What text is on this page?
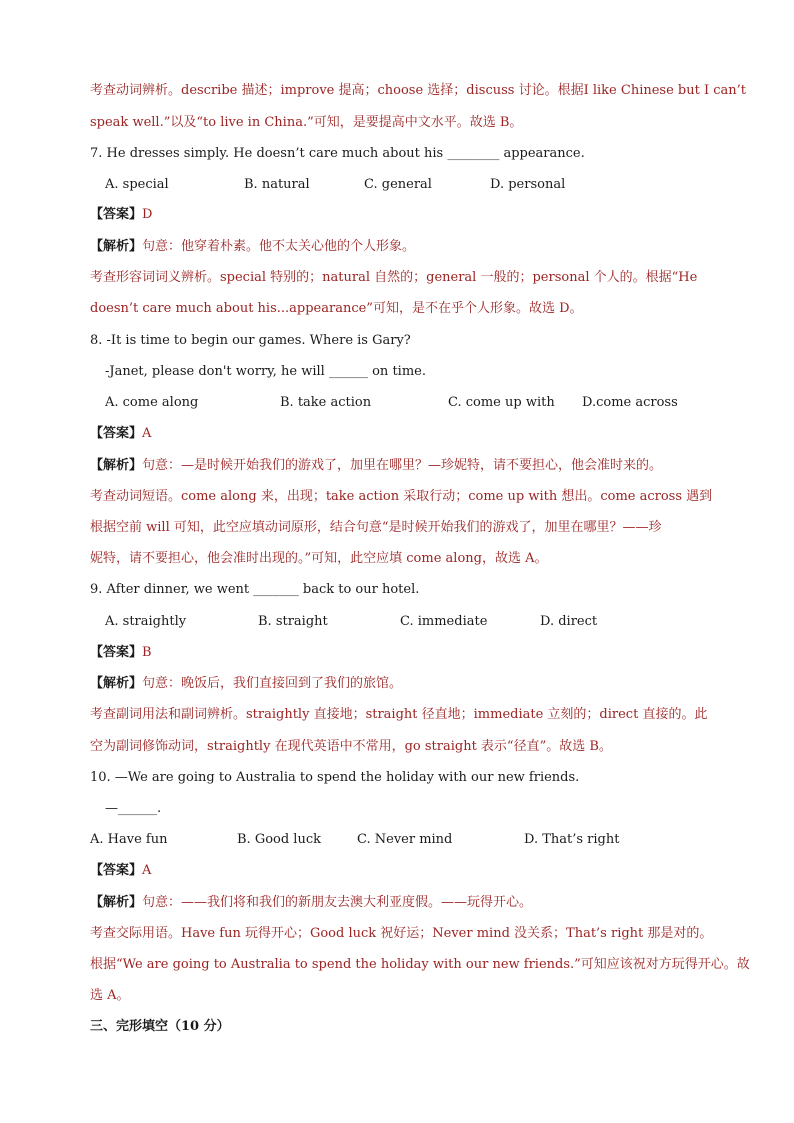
考查动词辨析。describe 描述；improve 提高；choose 选择；discuss 讨论。根据I like Chinese but I can’t
speak well.”以及“to live in China.”可知，是要提高中文水平。故选 B。
7. He dresses simply. He doesn’t care much about his ________ appearance.
A. special	B. natural	C. general	D. personal
【答案】D
【解析】句意：他穿着朴素。他不太关心他的个人形象。
考查形容词词义辨析。special 特别的；natural 自然的；general 一般的；personal 个人的。根据“He
doesn’t care much about his...appearance”可知，是不在乎个人形象。故选 D。
8. -It is time to begin our games. Where is Gary?
-Janet, please don't worry, he will ______ on time.
A. come along	B. take action	C. come up with D.come across
【答案】A
【解析】句意：—是时候开始我们的游戏了，加里在哪里？—珍妮特，请不要担心，他会准时来的。
考查动词短语。come along 来，出现；take action 采取行动；come up with 想出。come across 遇到
根据空前 will 可知，此空应填动词原形，结合句意“是时候开始我们的游戏了，加里在哪里？——珍
妮特，请不要担心，他会准时出现的。”可知，此空应填 come along，故选 A。
9. After dinner, we went _______ back to our hotel.
A. straightly	B. straight	C. immediate	D. direct
【答案】B
【解析】句意：晚饭后，我们直接回到了我们的旅馆。
考查副词用法和副词辨析。straightly 直接地；straight 径直地；immediate 立刻的；direct 直接的。此
空为副词修饰动词，straightly 在现代英语中不常用，go straight 表示“径直”。故选 B。
10. —We are going to Australia to spend the holiday with our new friends.
—______.
A. Have fun	B. Good luck	C. Never mind	D. That’s right
【答案】A
【解析】句意：——我们将和我们的新朋友去澳大利亚度假。——玩得开心。
考查交际用语。Have fun 玩得开心；Good luck 祝好运；Never mind 没关系；That’s right 那是对的。
根据“We are going to Australia to spend the holiday with our new friends.”可知应该祝对方玩得开心。故
选 A。
三、完形填空（10 分）
